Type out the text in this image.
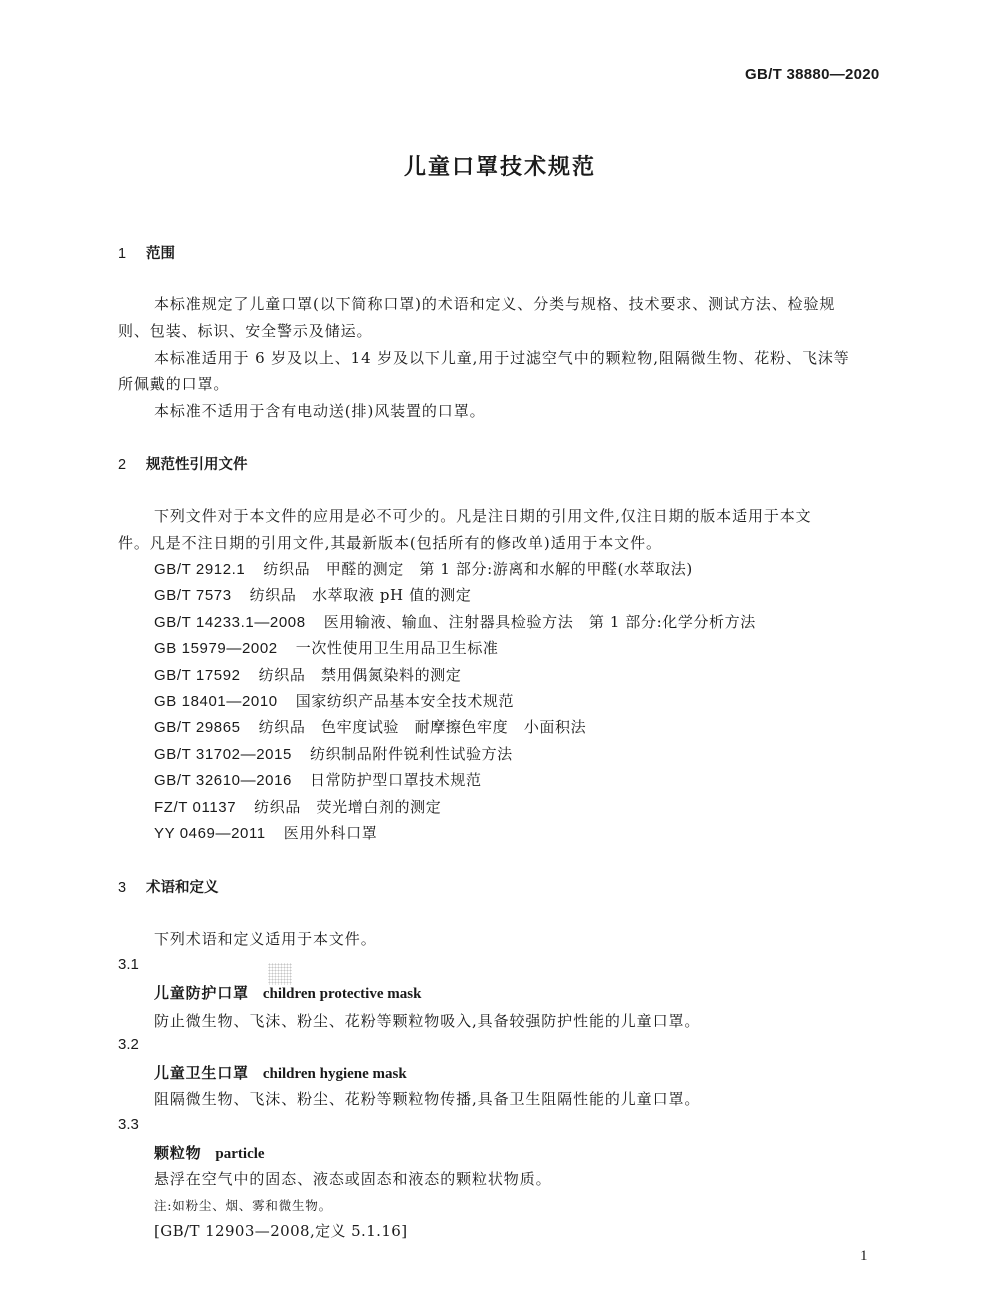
GB/T 38880—2020
儿童口罩技术规范
1 范围
本标准规定了儿童口罩(以下简称口罩)的术语和定义、分类与规格、技术要求、测试方法、检验规
则、包装、标识、安全警示及储运。
本标准适用于 6 岁及以上、14 岁及以下儿童,用于过滤空气中的颗粒物,阻隔微生物、花粉、飞沫等
所佩戴的口罩。
本标准不适用于含有电动送(排)风装置的口罩。
2 规范性引用文件
下列文件对于本文件的应用是必不可少的。凡是注日期的引用文件,仅注日期的版本适用于本文
件。凡是不注日期的引用文件,其最新版本(包括所有的修改单)适用于本文件。
GB/T 2912.1 纺织品　甲醛的测定　第 1 部分:游离和水解的甲醛(水萃取法)
GB/T 7573 纺织品　水萃取液 pH 值的测定
GB/T 14233.1—2008 医用输液、输血、注射器具检验方法　第 1 部分:化学分析方法
GB 15979—2002 一次性使用卫生用品卫生标准
GB/T 17592 纺织品　禁用偶氮染料的测定
GB 18401—2010 国家纺织产品基本安全技术规范
GB/T 29865 纺织品　色牢度试验　耐摩擦色牢度　小面积法
GB/T 31702—2015 纺织制品附件锐利性试验方法
GB/T 32610—2016 日常防护型口罩技术规范
FZ/T 01137 纺织品　荧光增白剂的测定
YY 0469—2011 医用外科口罩
3 术语和定义
下列术语和定义适用于本文件。
3.1
儿童防护口罩 children protective mask
防止微生物、飞沫、粉尘、花粉等颗粒物吸入,具备较强防护性能的儿童口罩。
3.2
儿童卫生口罩 children hygiene mask
阻隔微生物、飞沫、粉尘、花粉等颗粒物传播,具备卫生阻隔性能的儿童口罩。
3.3
颗粒物 particle
悬浮在空气中的固态、液态或固态和液态的颗粒状物质。
注:如粉尘、烟、雾和微生物。
[GB/T 12903—2008,定义 5.1.16]
1
